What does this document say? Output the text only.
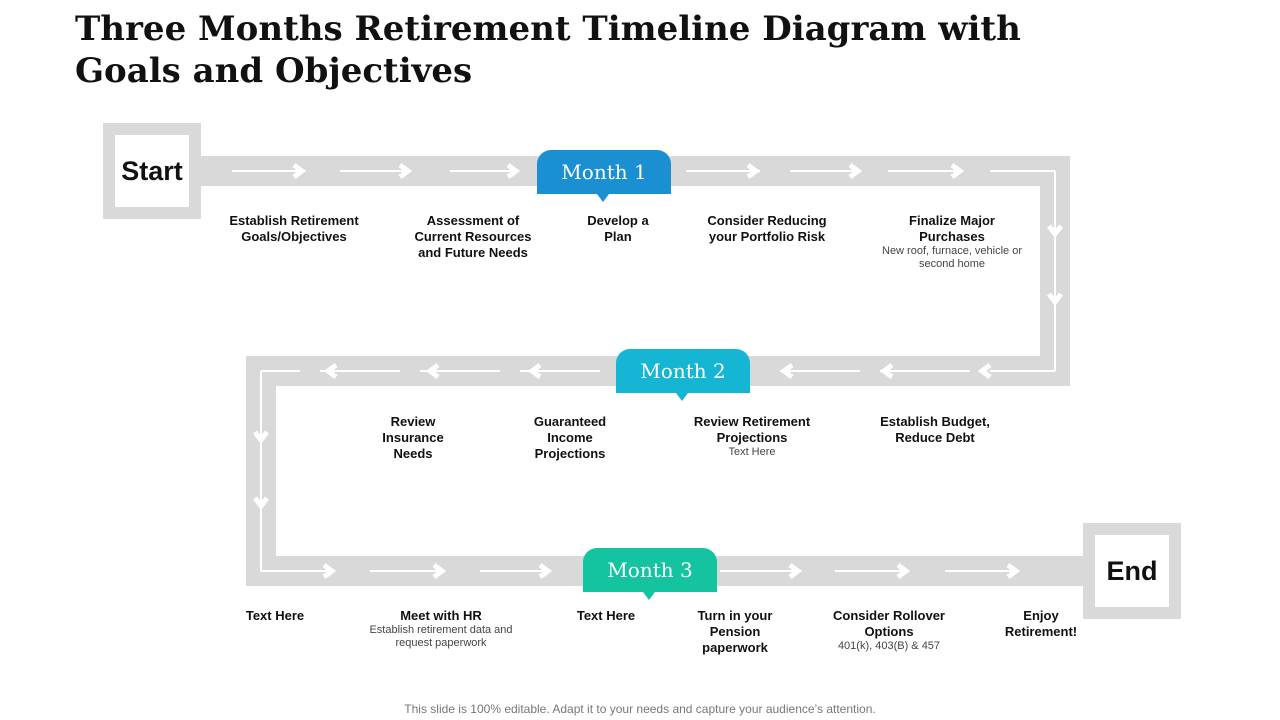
Three Months Retirement Timeline Diagram with Goals and Objectives
Start
End
Month 1
Month 2
Month 3
Establish Retirement Goals/Objectives
Assessment of Current Resources and Future Needs
Develop a Plan
Consider Reducing your Portfolio Risk
Finalize Major Purchases
New roof, furnace, vehicle or second home
Review Insurance Needs
Guaranteed Income Projections
Review Retirement Projections
Text Here
Establish Budget, Reduce Debt
Text Here	Meet with HR
Establish retirement data and request paperwork
Text Here	Turn in your Pension paperwork
Consider Rollover Options
401(k), 403(B) & 457
Enjoy Retirement!
This slide is 100% editable. Adapt it to your needs and capture your audience’s attention.
